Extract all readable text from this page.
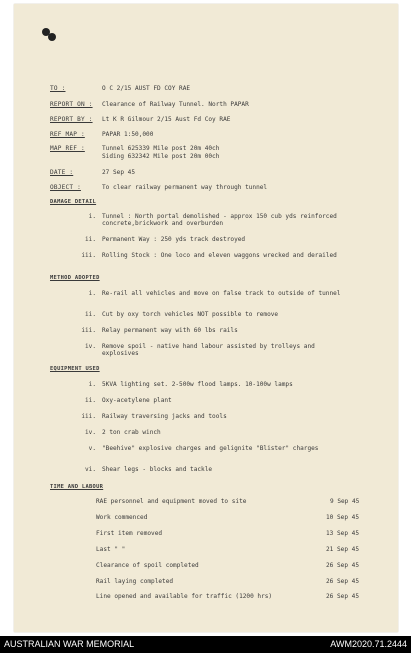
TO :	O C 2/15 AUST FD COY RAE
REPORT ON : Clearance of Railway Tunnel. North PAPAR
REPORT BY : Lt K R Gilmour 2/15 Aust Fd Coy RAE
REF MAP :	PAPAR 1:50,000
MAP REF :	Tunnel 625339 Mile post 20m 40ch
Siding 632342 Mile post 20m 00ch
DATE :	27 Sep 45
OBJECT :	To clear railway permanent way through tunnel
DAMAGE DETAIL
i. Tunnel : North portal demolished - approx 150 cub yds reinforced concrete,brickwork and overburden
ii. Permanent Way : 250 yds track destroyed
iii. Rolling Stock : One loco and eleven waggons wrecked and derailed
METHOD ADOPTED
i. Re-rail all vehicles and move on false track to outside of tunnel
ii. Cut by oxy torch vehicles NOT possible to remove
iii. Relay permanent way with 60 lbs rails
iv. Remove spoil - native hand labour assisted by trolleys and explosives
EQUIPMENT USED
i. 5KVA lighting set. 2-500w flood lamps. 10-100w lamps
ii. Oxy-acetylene plant
iii. Railway traversing jacks and tools
iv. 2 ton crab winch
v. "Beehive" explosive charges and gelignite "Blister" charges
vi. Shear legs - blocks and tackle
TIME AND LABOUR
RAE personnel and equipment moved to site	9 Sep 45
Work commenced	10 Sep 45
First item removed	13 Sep 45
Last " "	21 Sep 45
Clearance of spoil completed	26 Sep 45
Rail laying completed	26 Sep 45
Line opened and available for traffic (1200 hrs)	26 Sep 45
AUSTRALIAN WAR MEMORIAL	AWM2020.71.2444
